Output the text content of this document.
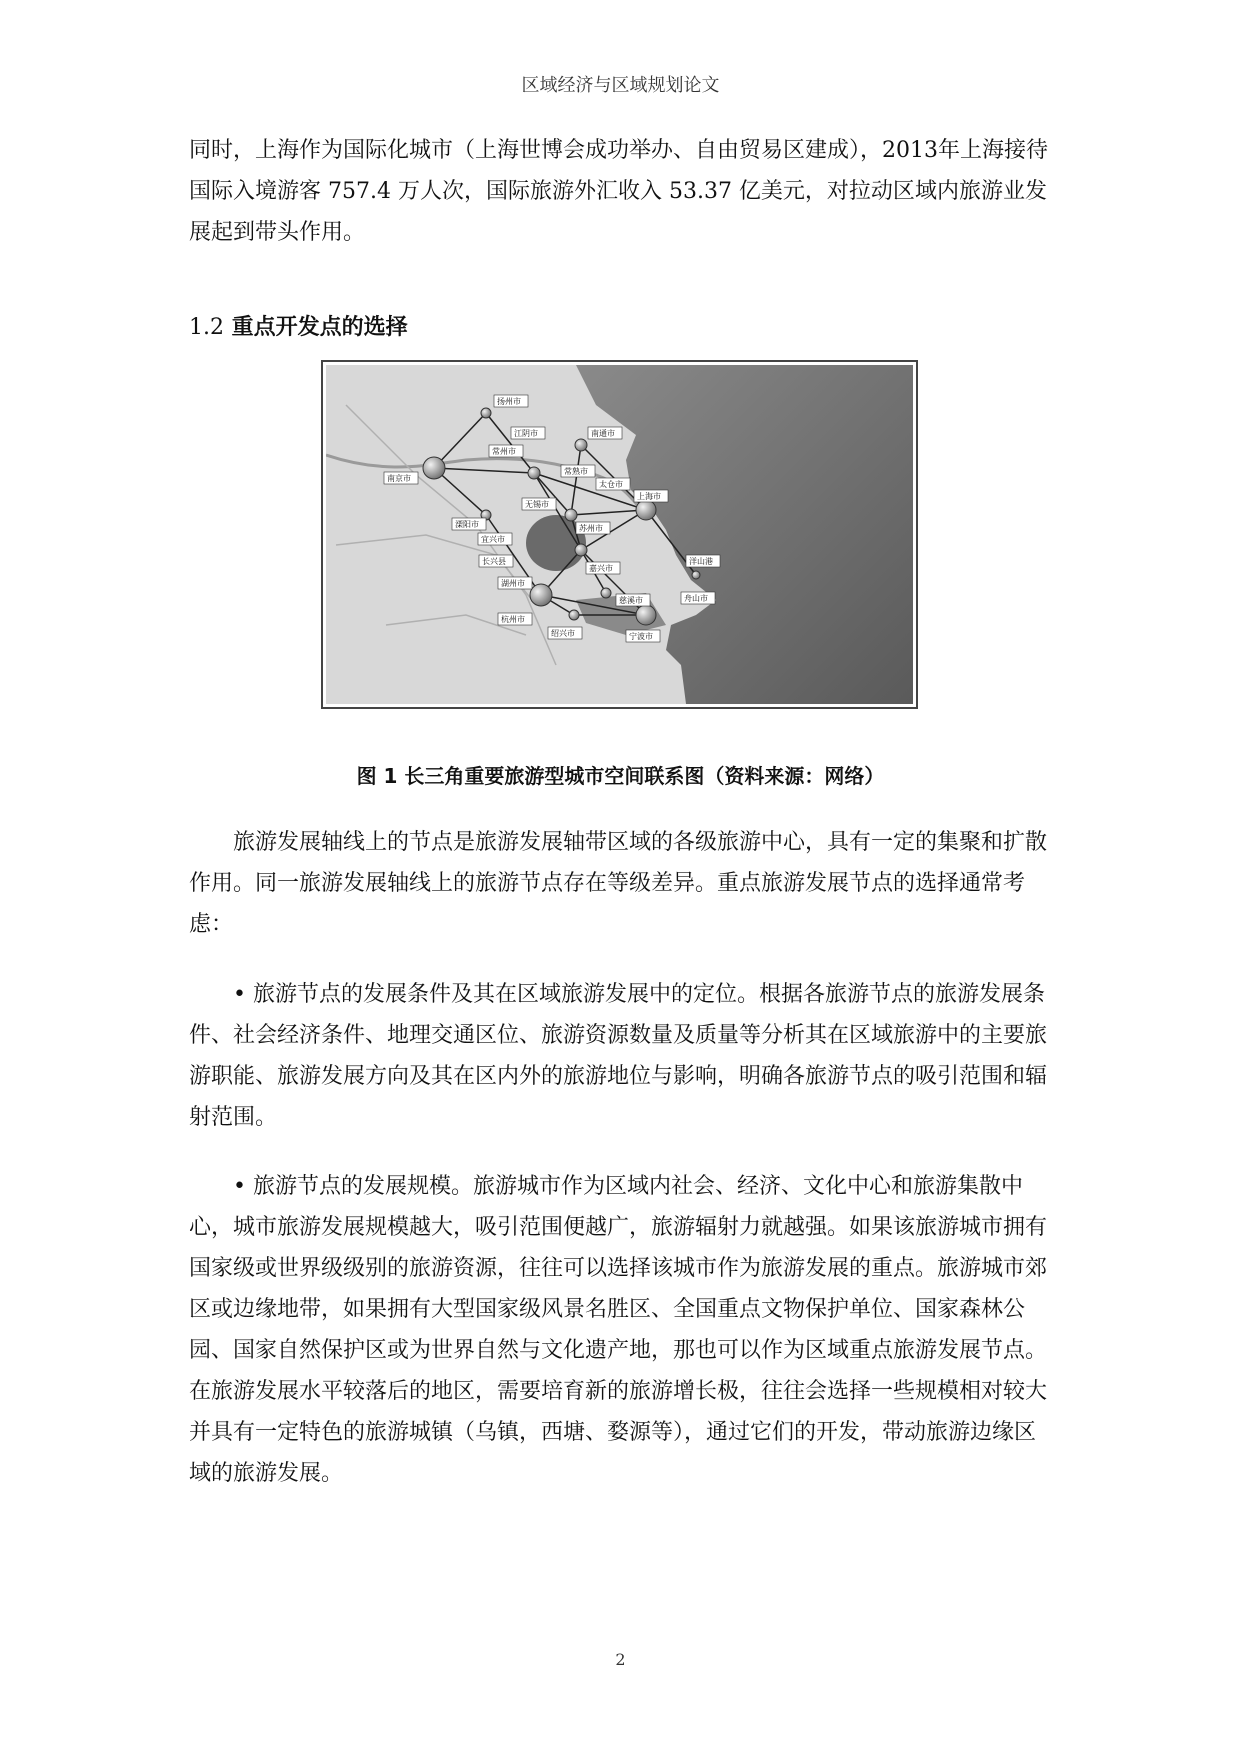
区域经济与区域规划论文

同时，上海作为国际化城市（上海世博会成功举办、自由贸易区建成），2013年上海接待国际入境游客 757.4 万人次，国际旅游外汇收入 53.37 亿美元，对拉动区域内旅游业发展起到带头作用。

1.2 重点开发点的选择
南京市
扬州市
江阴市	南通市
常州市
常熟市
太仓市
上海市
无锡市
溧阳市
宜兴市
苏州市
长兴县
湖州市
嘉兴市
洋山港
舟山市
慈溪市
杭州市
绍兴市	宁波市
图 1 长三角重要旅游型城市空间联系图（资料来源：网络）

旅游发展轴线上的节点是旅游发展轴带区域的各级旅游中心，具有一定的集聚和扩散作用。同一旅游发展轴线上的旅游节点存在等级差异。重点旅游发展节点的选择通常考虑：

• 旅游节点的发展条件及其在区域旅游发展中的定位。根据各旅游节点的旅游发展条件、社会经济条件、地理交通区位、旅游资源数量及质量等分析其在区域旅游中的主要旅游职能、旅游发展方向及其在区内外的旅游地位与影响，明确各旅游节点的吸引范围和辐射范围。

• 旅游节点的发展规模。旅游城市作为区域内社会、经济、文化中心和旅游集散中心，城市旅游发展规模越大，吸引范围便越广，旅游辐射力就越强。如果该旅游城市拥有国家级或世界级级别的旅游资源，往往可以选择该城市作为旅游发展的重点。旅游城市郊区或边缘地带，如果拥有大型国家级风景名胜区、全国重点文物保护单位、国家森林公园、国家自然保护区或为世界自然与文化遗产地，那也可以作为区域重点旅游发展节点。在旅游发展水平较落后的地区，需要培育新的旅游增长极，往往会选择一些规模相对较大并具有一定特色的旅游城镇（乌镇，西塘、婺源等），通过它们的开发，带动旅游边缘区域的旅游发展。

2
